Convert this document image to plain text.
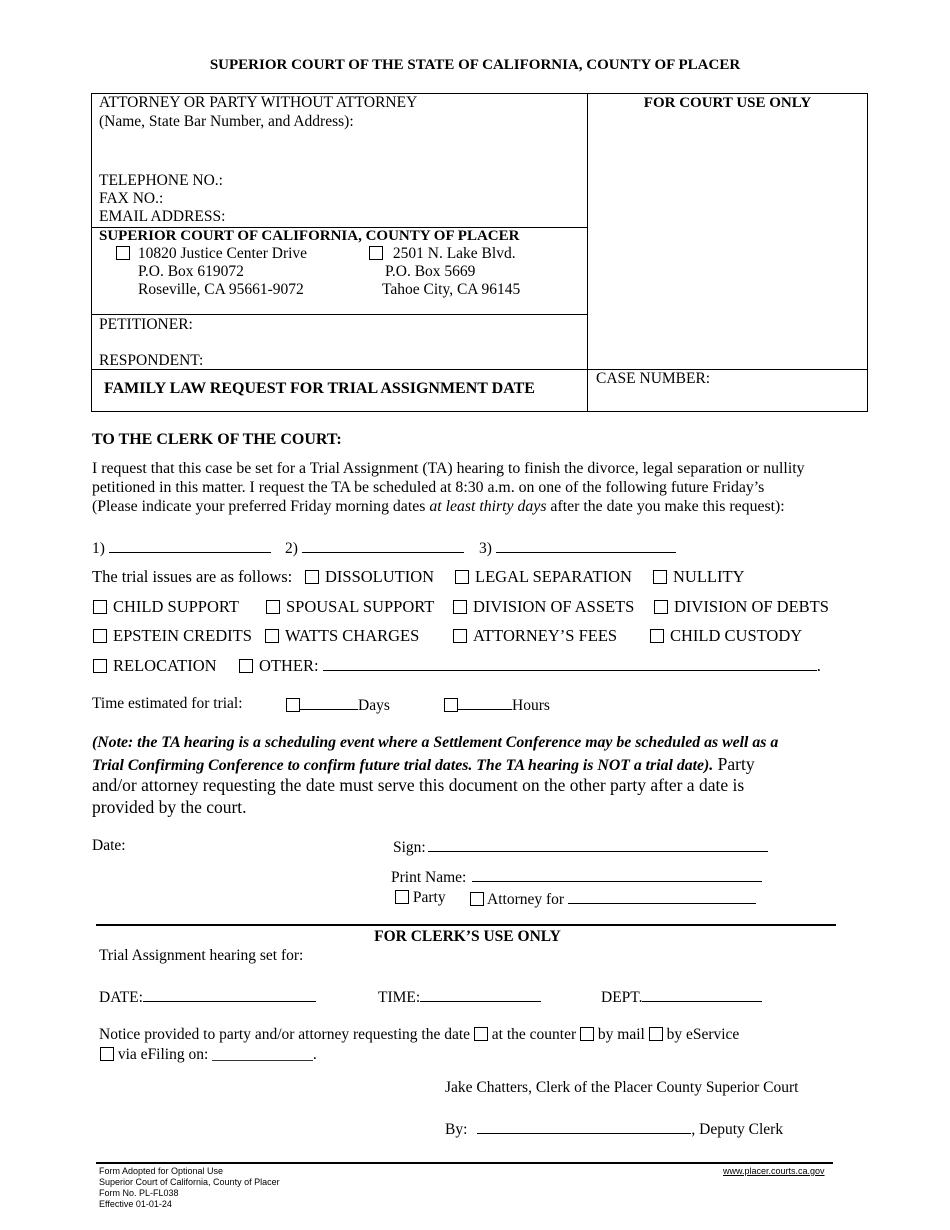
SUPERIOR COURT OF THE STATE OF CALIFORNIA, COUNTY OF PLACER
ATTORNEY OR PARTY WITHOUT ATTORNEY
(Name, State Bar Number, and Address):
TELEPHONE NO.:
FAX NO.:
EMAIL ADDRESS:
FOR COURT USE ONLY
SUPERIOR COURT OF CALIFORNIA, COUNTY OF PLACER
10820 Justice Center Drive
P.O. Box 619072
Roseville, CA 95661-9072
2501 N. Lake Blvd.
P.O. Box 5669
Tahoe City, CA 96145
PETITIONER:
RESPONDENT:
FAMILY LAW REQUEST FOR TRIAL ASSIGNMENT DATE
CASE NUMBER:
TO THE CLERK OF THE COURT:
I request that this case be set for a Trial Assignment (TA) hearing to finish the divorce, legal separation or nullity
petitioned in this matter. I request the TA be scheduled at 8:30 a.m. on one of the following future Friday’s
(Please indicate your preferred Friday morning dates at least thirty days after the date you make this request):
1)	2)	3)
The trial issues are as follows:	DISSOLUTION	LEGAL SEPARATION	NULLITY
CHILD SUPPORT	SPOUSAL SUPPORT	DIVISION OF ASSETS	DIVISION OF DEBTS
EPSTEIN CREDITS	WATTS CHARGES	ATTORNEY’S FEES	CHILD CUSTODY
RELOCATION	OTHER:	.
Time estimated for trial:	Days	Hours
(Note: the TA hearing is a scheduling event where a Settlement Conference may be scheduled as well as a
Trial Confirming Conference to confirm future trial dates. The TA hearing is NOT a trial date). Party
and/or attorney requesting the date must serve this document on the other party after a date is
provided by the court.
Date:	Sign:
Print Name:
Party	Attorney for
FOR CLERK’S USE ONLY
Trial Assignment hearing set for:
DATE:	TIME:	DEPT.
Notice provided to party and/or attorney requesting the date at the counter by mail by eService
via eFiling on: _____________.
Jake Chatters, Clerk of the Placer County Superior Court
By:	, Deputy Clerk
Form Adopted for Optional Use
Superior Court of California, County of Placer
Form No. PL-FL038
Effective 01-01-24
www.placer.courts.ca.gov
